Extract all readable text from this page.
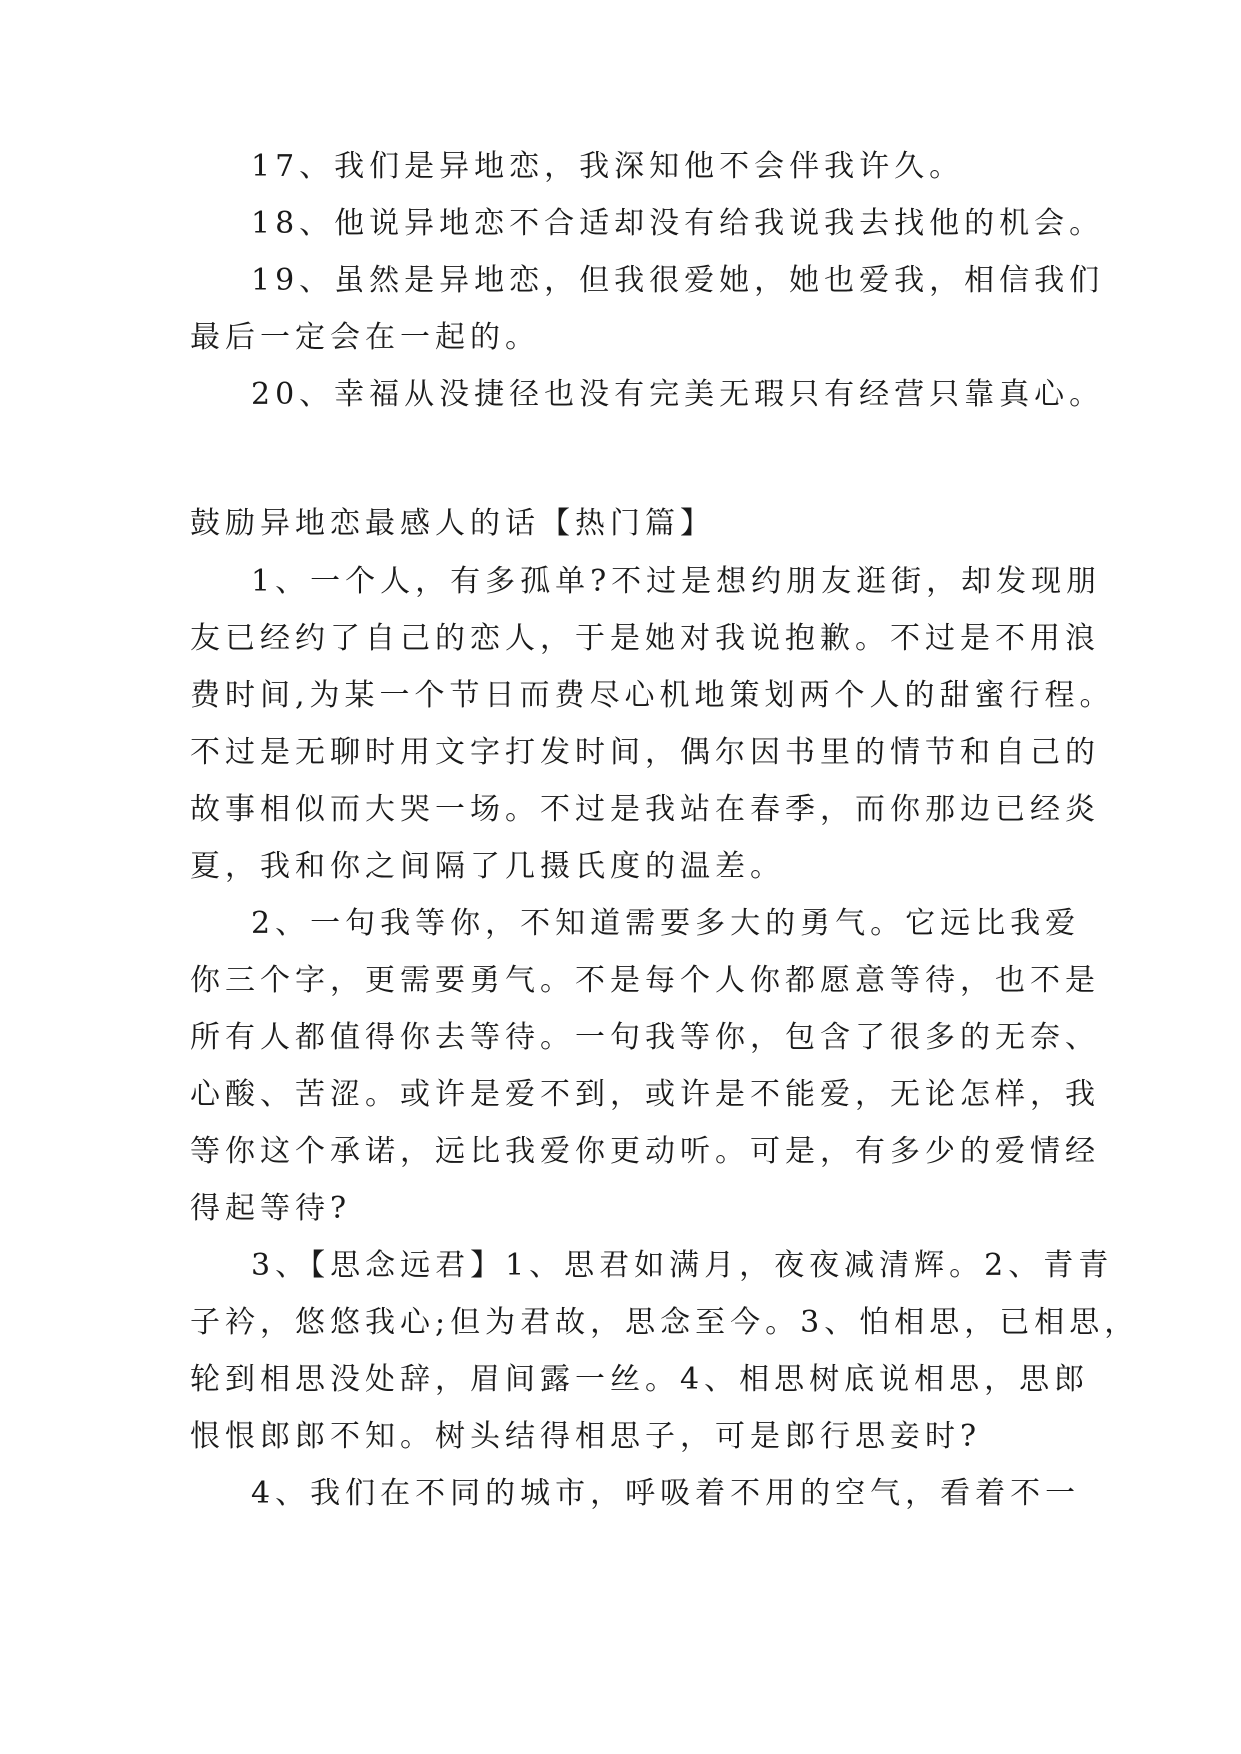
17、我们是异地恋，我深知他不会伴我许久。
18、他说异地恋不合适却没有给我说我去找他的机会。
19、虽然是异地恋，但我很爱她，她也爱我，相信我们
最后一定会在一起的。
20、幸福从没捷径也没有完美无瑕只有经营只靠真心。
鼓励异地恋最感人的话【热门篇】
1、一个人，有多孤单?不过是想约朋友逛街，却发现朋
友已经约了自己的恋人，于是她对我说抱歉。不过是不用浪
费时间,为某一个节日而费尽心机地策划两个人的甜蜜行程。
不过是无聊时用文字打发时间，偶尔因书里的情节和自己的
故事相似而大哭一场。不过是我站在春季，而你那边已经炎
夏，我和你之间隔了几摄氏度的温差。
2、一句我等你，不知道需要多大的勇气。它远比我爱
你三个字，更需要勇气。不是每个人你都愿意等待，也不是
所有人都值得你去等待。一句我等你，包含了很多的无奈、
心酸、苦涩。或许是爱不到，或许是不能爱，无论怎样，我
等你这个承诺，远比我爱你更动听。可是，有多少的爱情经
得起等待?
3、【思念远君】1、思君如满月，夜夜减清辉。2、青青
子衿，悠悠我心;但为君故，思念至今。3、怕相思，已相思，
轮到相思没处辞，眉间露一丝。4、相思树底说相思，思郎
恨恨郎郎不知。树头结得相思子，可是郎行思妾时?
4、我们在不同的城市，呼吸着不用的空气，看着不一
